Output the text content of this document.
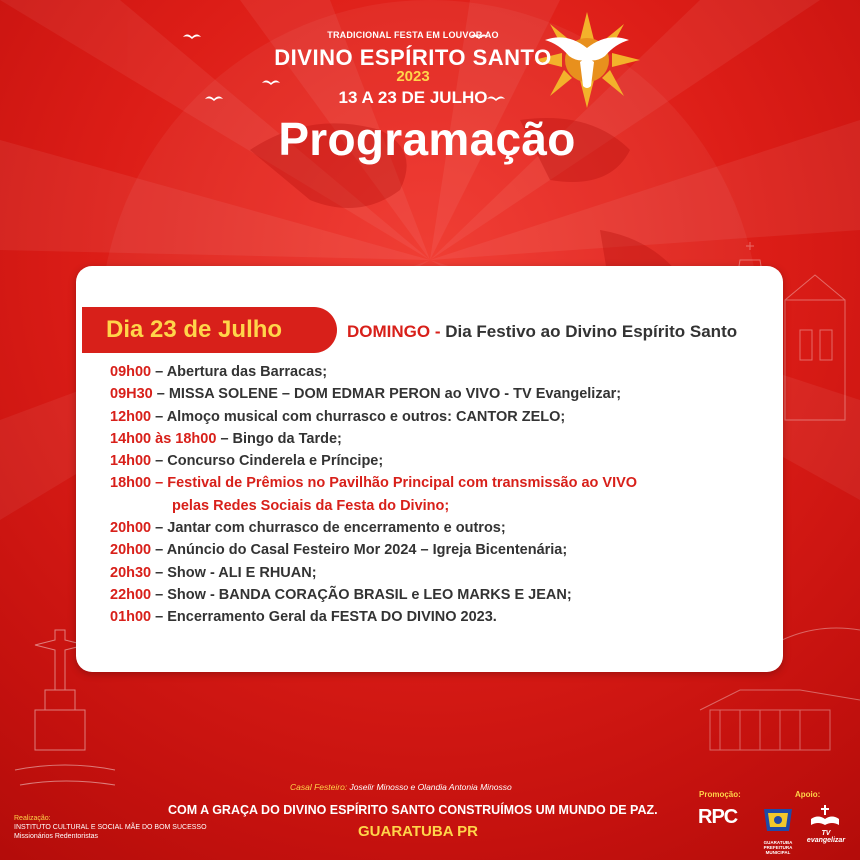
TRADICIONAL FESTA EM LOUVOR AO
DIVINO ESPÍRITO SANTO
2023
13 A 23 DE JULHO
Programação
Dia 23 de Julho	DOMINGO - Dia Festivo ao Divino Espírito Santo
09h00 – Abertura das Barracas;
09H30 – MISSA SOLENE – DOM EDMAR PERON ao VIVO - TV Evangelizar;
12h00 – Almoço musical com churrasco e outros: CANTOR ZELO;
14h00 às 18h00 – Bingo da Tarde;
14h00 – Concurso Cinderela e Príncipe;
18h00 – Festival de Prêmios no Pavilhão Principal com transmissão ao VIVO
pelas Redes Sociais da Festa do Divino;
20h00 – Jantar com churrasco de encerramento e outros;
20h00 – Anúncio do Casal Festeiro Mor 2024 – Igreja Bicentenária;
20h30 – Show - ALI E RHUAN;
22h00 – Show - BANDA CORAÇÃO BRASIL e LEO MARKS E JEAN;
01h00 – Encerramento Geral da FESTA DO DIVINO 2023.
Casal Festeiro: Joselir Minosso e Olandia Antonia Minosso
COM A GRAÇA DO DIVINO ESPÍRITO SANTO CONSTRUÍMOS UM MUNDO DE PAZ.
GUARATUBA PR
Realização:
INSTITUTO CULTURAL E SOCIAL MÃE DO BOM SUCESSO
Missionários Redentoristas
Promoção:	Apoio:
RPC
GUARATUBA
PREFEITURA MUNICIPAL
TV evangelizar
